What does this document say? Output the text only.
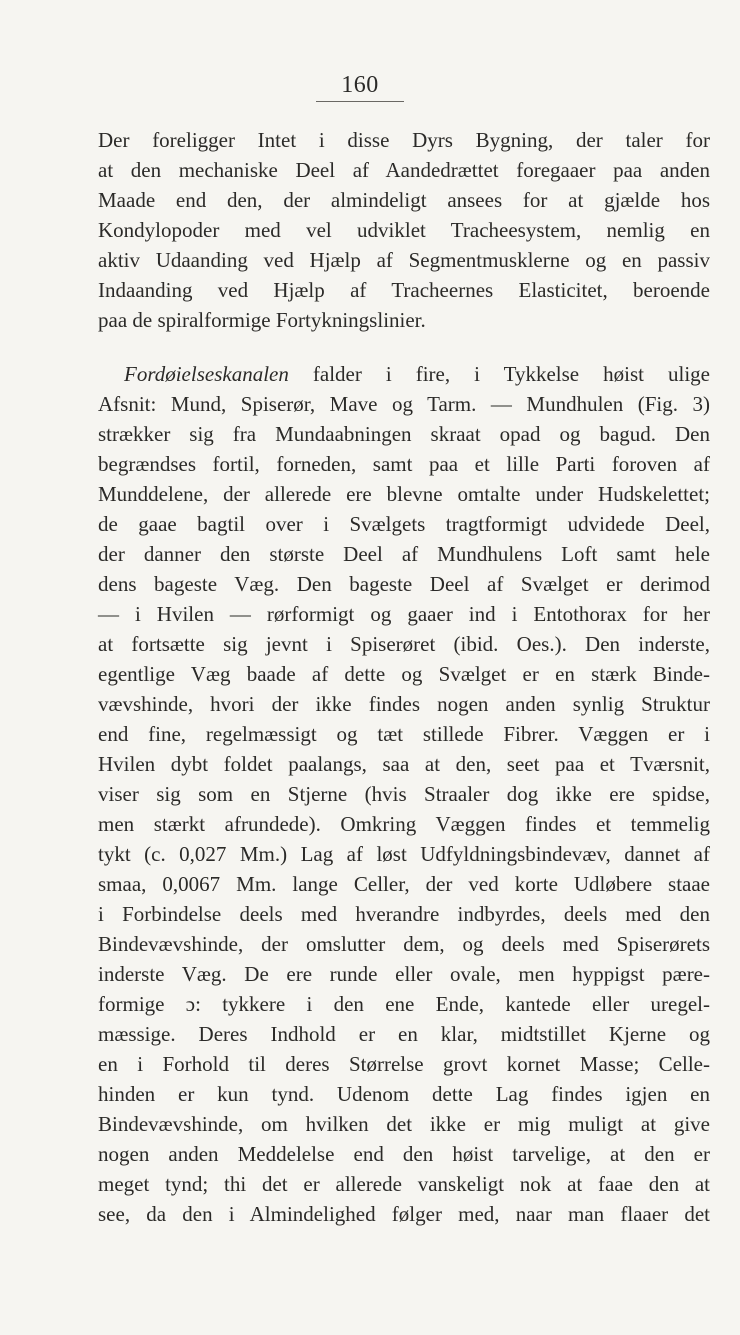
160
Der foreligger Intet i disse Dyrs Bygning, der taler for
at den mechaniske Deel af Aandedrættet foregaaer paa anden
Maade end den, der almindeligt ansees for at gjælde hos
Kondylopoder med vel udviklet Tracheesystem, nemlig en
aktiv Udaanding ved Hjælp af Segmentmusklerne og en passiv
Indaanding ved Hjælp af Tracheernes Elasticitet, beroende
paa de spiralformige Fortykningslinier.
Fordøielseskanalen falder i fire, i Tykkelse høist ulige
Afsnit: Mund, Spiserør, Mave og Tarm. — Mundhulen (Fig. 3)
strækker sig fra Mundaabningen skraat opad og bagud. Den
begrændses fortil, forneden, samt paa et lille Parti foroven af
Munddelene, der allerede ere blevne omtalte under Hudskelettet;
de gaae bagtil over i Svælgets tragtformigt udvidede Deel,
der danner den største Deel af Mundhulens Loft samt hele
dens bageste Væg. Den bageste Deel af Svælget er derimod
— i Hvilen — rørformigt og gaaer ind i Entothorax for her
at fortsætte sig jevnt i Spiserøret (ibid. Oes.). Den inderste,
egentlige Væg baade af dette og Svælget er en stærk Binde-
vævshinde, hvori der ikke findes nogen anden synlig Struktur
end fine, regelmæssigt og tæt stillede Fibrer. Væggen er i
Hvilen dybt foldet paalangs, saa at den, seet paa et Tværsnit,
viser sig som en Stjerne (hvis Straaler dog ikke ere spidse,
men stærkt afrundede). Omkring Væggen findes et temmelig
tykt (c. 0,027 Mm.) Lag af løst Udfyldningsbindevæv, dannet af
smaa, 0,0067 Mm. lange Celler, der ved korte Udløbere staae
i Forbindelse deels med hverandre indbyrdes, deels med den
Bindevævshinde, der omslutter dem, og deels med Spiserørets
inderste Væg. De ere runde eller ovale, men hyppigst pære-
formige ɔ: tykkere i den ene Ende, kantede eller uregel-
mæssige. Deres Indhold er en klar, midtstillet Kjerne og
en i Forhold til deres Størrelse grovt kornet Masse; Celle-
hinden er kun tynd. Udenom dette Lag findes igjen en
Bindevævshinde, om hvilken det ikke er mig muligt at give
nogen anden Meddelelse end den høist tarvelige, at den er
meget tynd; thi det er allerede vanskeligt nok at faae den at
see, da den i Almindelighed følger med, naar man flaaer det
